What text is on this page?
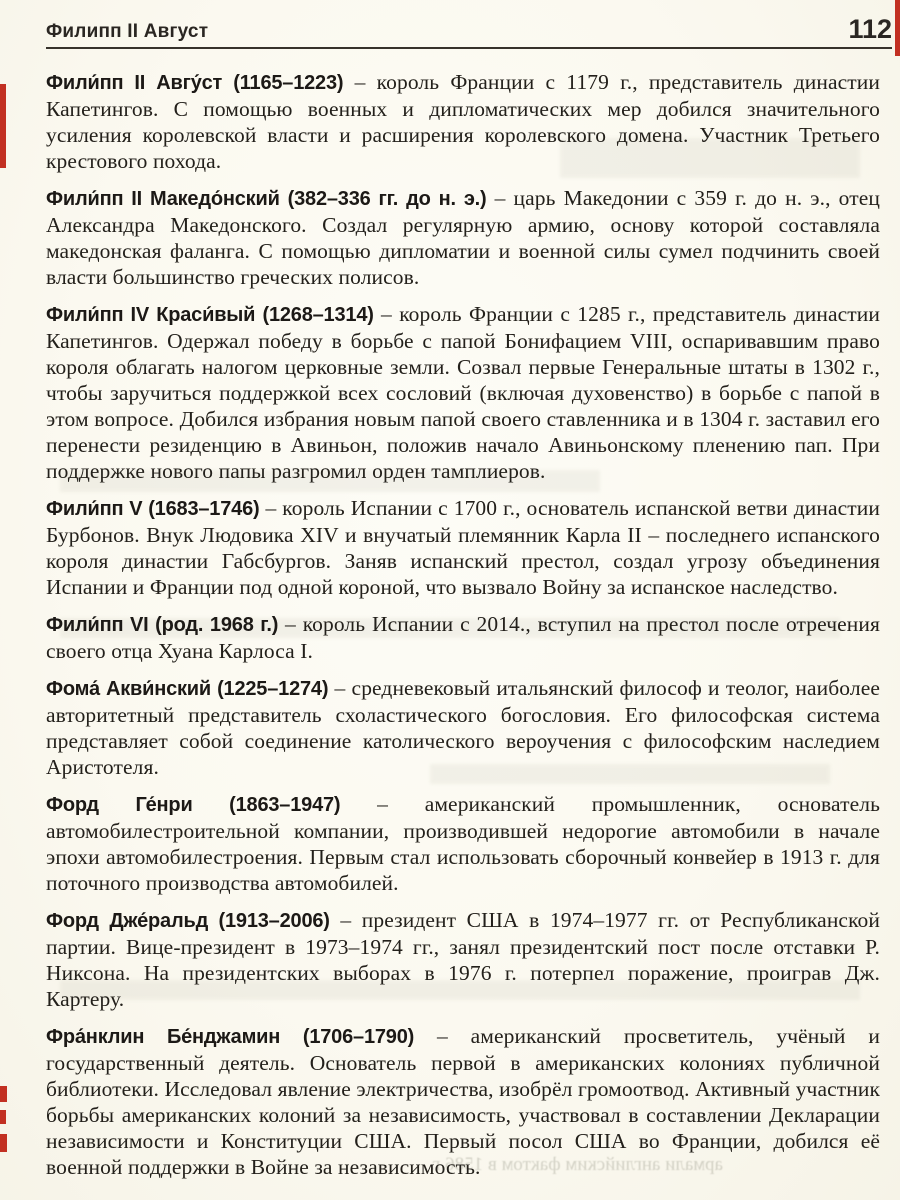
армали английским фактом в 1586 г.
Филипп II Август	112

Фили́пп II Авгу́ст (1165–1223) – король Франции с 1179 г., представитель династии Капетингов. С помощью военных и дипломатических мер добился значительного усиления королевской власти и расширения королевского домена. Участник Третьего крестового похода.

Фили́пп II Македо́нский (382–336 гг. до н. э.) – царь Македонии с 359 г. до н. э., отец Александра Македонского. Создал регулярную армию, основу которой составляла македонская фаланга. С помощью дипломатии и военной силы сумел подчинить своей власти большинство греческих полисов.

Фили́пп IV Краси́вый (1268–1314) – король Франции с 1285 г., представитель династии Капетингов. Одержал победу в борьбе с папой Бонифацием VIII, оспаривавшим право короля облагать налогом церковные земли. Созвал первые Генеральные штаты в 1302 г., чтобы заручиться поддержкой всех сословий (включая духовенство) в борьбе с папой в этом вопросе. Добился избрания новым папой своего ставленника и в 1304 г. заставил его перенести резиденцию в Авиньон, положив начало Авиньонскому пленению пап. При поддержке нового папы разгромил орден тамплиеров.

Фили́пп V (1683–1746) – король Испании с 1700 г., основатель испанской ветви династии Бурбонов. Внук Людовика XIV и внучатый племянник Карла II – последнего испанского короля династии Габсбургов. Заняв испанский престол, создал угрозу объединения Испании и Франции под одной короной, что вызвало Войну за испанское наследство.

Фили́пп VI (род. 1968 г.) – король Испании с 2014., вступил на престол после отречения своего отца Хуана Карлоса I.

Фома́ Акви́нский (1225–1274) – средневековый итальянский философ и теолог, наиболее авторитетный представитель схоластического богословия. Его философская система представляет собой соединение католического вероучения с философским наследием Аристотеля.

Форд Ге́нри (1863–1947) – американский промышленник, основатель автомобилестроительной компании, производившей недорогие автомобили в начале эпохи автомобилестроения. Первым стал использовать сборочный конвейер в 1913 г. для поточного производства автомобилей.

Форд Дже́ральд (1913–2006) – президент США в 1974–1977 гг. от Республиканской партии. Вице-президент в 1973–1974 гг., занял президентский пост после отставки Р. Никсона. На президентских выборах в 1976 г. потерпел поражение, проиграв Дж. Картеру.

Фра́нклин Бе́нджамин (1706–1790) – американский просветитель, учёный и государственный деятель. Основатель первой в американских колониях публичной библиотеки. Исследовал явление электричества, изобрёл громоотвод. Активный участник борьбы американских колоний за независимость, участвовал в составлении Декларации независимости и Конституции США. Первый посол США во Франции, добился её военной поддержки в Войне за независимость.
